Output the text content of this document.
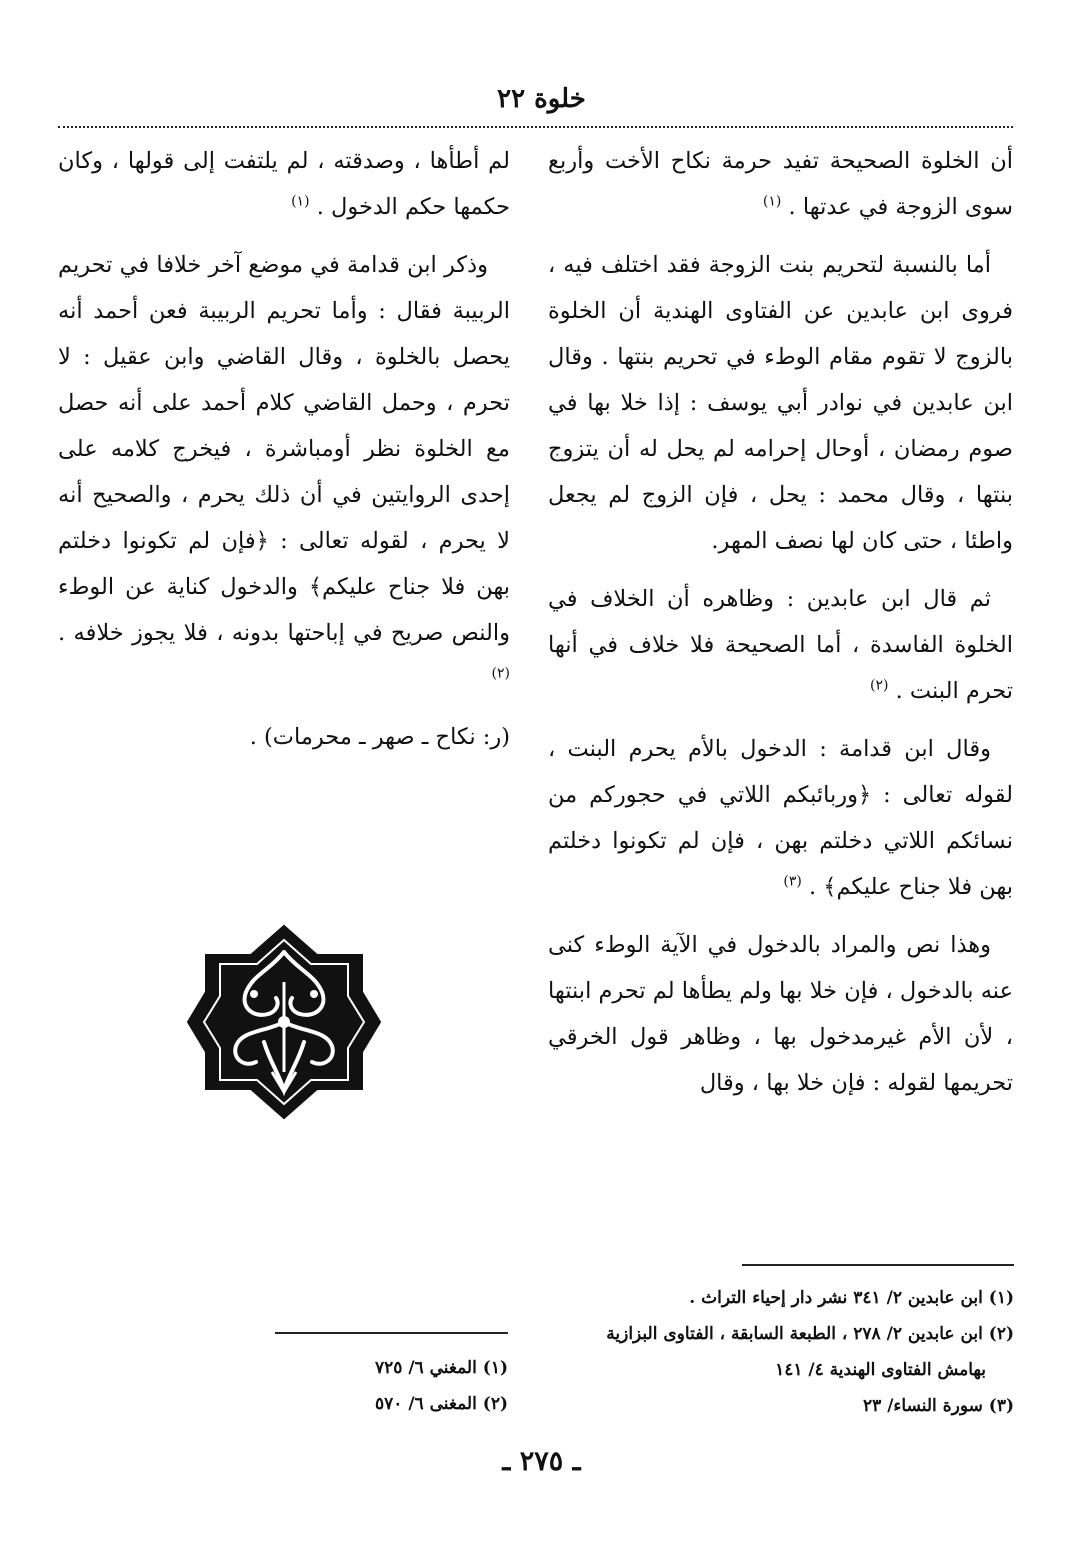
خلوة ٢٢

أن الخلوة الصحيحة تفيد حرمة نكاح الأخت وأربع سوى الزوجة في عدتها . $^{(١)}$

أما بالنسبة لتحريم بنت الزوجة فقد اختلف فيه ، فروى ابن عابدين عن الفتاوى الهندية أن الخلوة بالزوج لا تقوم مقام الوطء في تحريم بنتها . وقال ابن عابدين في نوادر أبي يوسف : إذا خلا بها في صوم رمضان ، أوحال إحرامه لم يحل له أن يتزوج بنتها ، وقال محمد : يحل ، فإن الزوج لم يجعل واطئا ، حتى كان لها نصف المهر.

ثم قال ابن عابدين : وظاهره أن الخلاف في الخلوة الفاسدة ، أما الصحيحة فلا خلاف في أنها تحرم البنت . $^{(٢)}$

وقال ابن قدامة : الدخول بالأم يحرم البنت ، لقوله تعالى : ﴿وربائبكم اللاتي في حجوركم من نسائكم اللاتي دخلتم بهن ، فإن لم تكونوا دخلتم بهن فلا جناح عليكم﴾ . $^{(٣)}$

وهذا نص والمراد بالدخول في الآية الوطء كنى عنه بالدخول ، فإن خلا بها ولم يطأها لم تحرم ابنتها ، لأن الأم غيرمدخول بها ، وظاهر قول الخرقي تحريمها لقوله : فإن خلا بها ، وقال

لم أطأها ، وصدقته ، لم يلتفت إلى قولها ، وكان حكمها حكم الدخول . $^{(١)}$

وذكر ابن قدامة في موضع آخر خلافا في تحريم الربيبة فقال : وأما تحريم الربيبة فعن أحمد أنه يحصل بالخلوة ، وقال القاضي وابن عقيل : لا تحرم ، وحمل القاضي كلام أحمد على أنه حصل مع الخلوة نظر أومباشرة ، فيخرج كلامه على إحدى الروايتين في أن ذلك يحرم ، والصحيح أنه لا يحرم ، لقوله تعالى : ﴿فإن لم تكونوا دخلتم بهن فلا جناح عليكم﴾ والدخول كناية عن الوطء والنص صريح في إباحتها بدونه ، فلا يجوز خلافه . $^{(٢)}$

(ر: نكاح ـ صهر ـ محرمات) .

(١) ابن عابدين ٢/ ٣٤١ نشر دار إحياء التراث .
(٢) ابن عابدين ٢/ ٢٧٨ ، الطبعة السابقة ، الفتاوى البزازية
بهامش الفتاوى الهندية ٤/ ١٤١
(٣) سورة النساء/ ٢٣
(١) المغني ٦/ ٧٢٥
(٢) المغنى ٦/ ٥٧٠
ـ ٢٧٥ ـ
